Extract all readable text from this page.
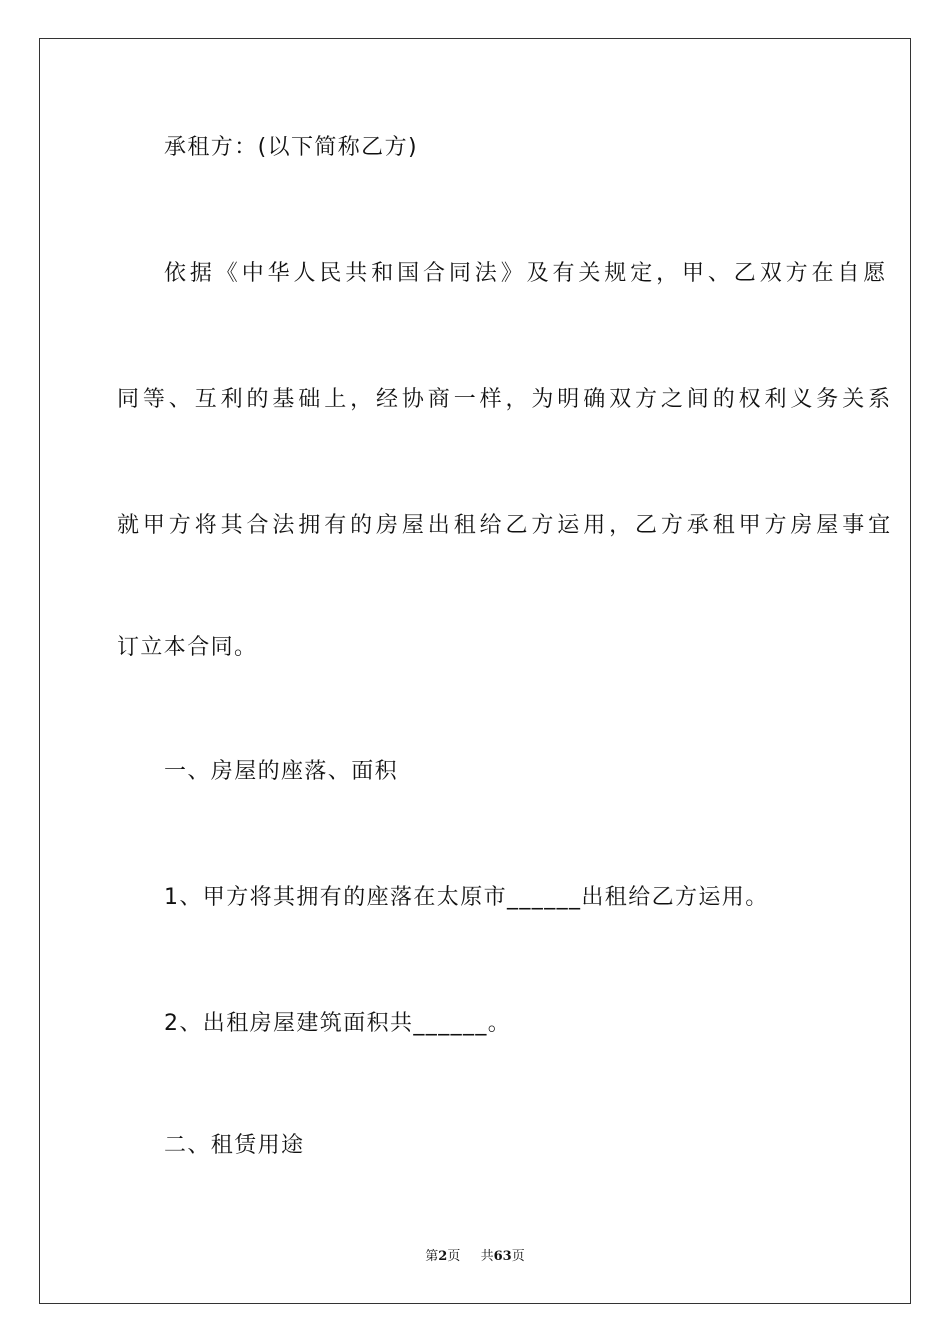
承租方：(以下简称乙方)
依据《中华人民共和国合同法》及有关规定，甲、乙双方在自愿
同等、互利的基础上，经协商一样，为明确双方之间的权利义务关系
就甲方将其合法拥有的房屋出租给乙方运用，乙方承租甲方房屋事宜
订立本合同。
一、房屋的座落、面积
1、甲方将其拥有的座落在太原市______出租给乙方运用。
2、出租房屋建筑面积共______。
二、租赁用途
第2页 共63页
